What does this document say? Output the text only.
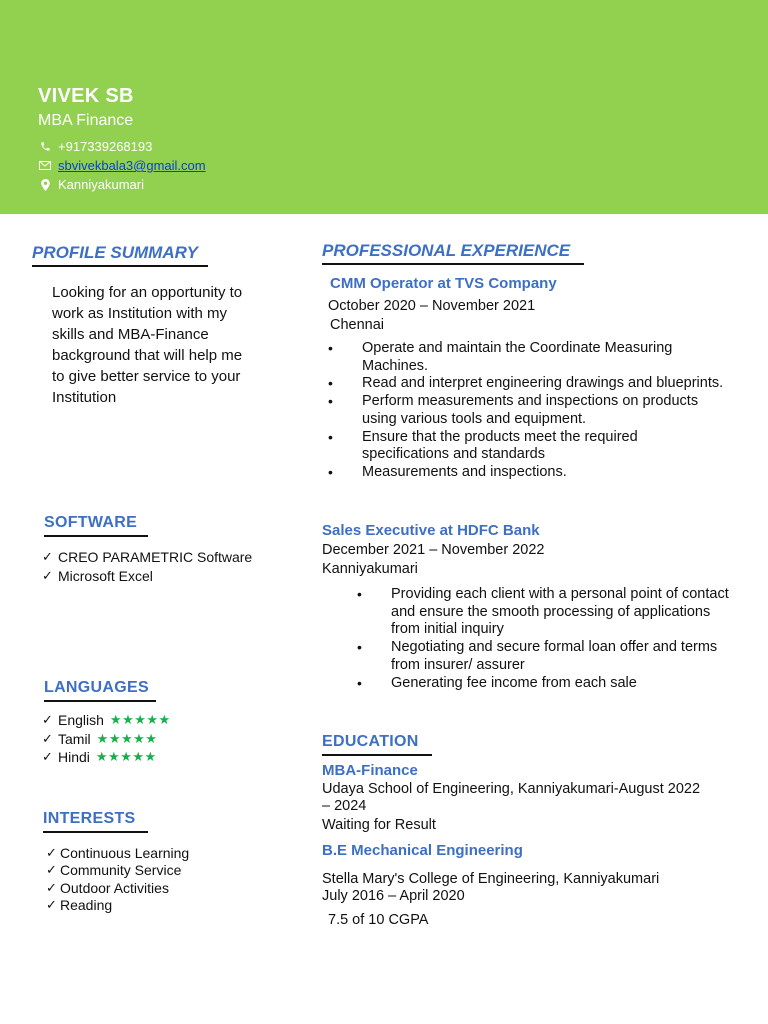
VIVEK SB
MBA Finance
+917339268193
sbvivekbala3@gmail.com
Kanniyakumari
PROFILE SUMMARY
Looking for an opportunity to work as Institution with my skills and MBA-Finance background that will help me to give better service to your Institution
SOFTWARE
✓ CREO PARAMETRIC Software
✓ Microsoft Excel
LANGUAGES
✓ English ★★★★★
✓ Tamil ★★★★★
✓ Hindi ★★★★★
INTERESTS
✓ Continuous Learning
✓ Community Service
✓ Outdoor Activities
✓ Reading
PROFESSIONAL EXPERIENCE
CMM Operator at TVS Company
October 2020 – November 2021
Chennai
• Operate and maintain the Coordinate Measuring Machines.
• Read and interpret engineering drawings and blueprints.
• Perform measurements and inspections on products using various tools and equipment.
• Ensure that the products meet the required specifications and standards
• Measurements and inspections.
Sales Executive at HDFC Bank
December 2021 – November 2022
Kanniyakumari
• Providing each client with a personal point of contact and ensure the smooth processing of applications from initial inquiry
• Negotiating and secure formal loan offer and terms from insurer/ assurer
• Generating fee income from each sale
EDUCATION
MBA-Finance
Udaya School of Engineering, Kanniyakumari-August 2022 – 2024
Waiting for Result
B.E Mechanical Engineering
Stella Mary's College of Engineering, Kanniyakumari
July 2016 – April 2020
7.5 of 10 CGPA
